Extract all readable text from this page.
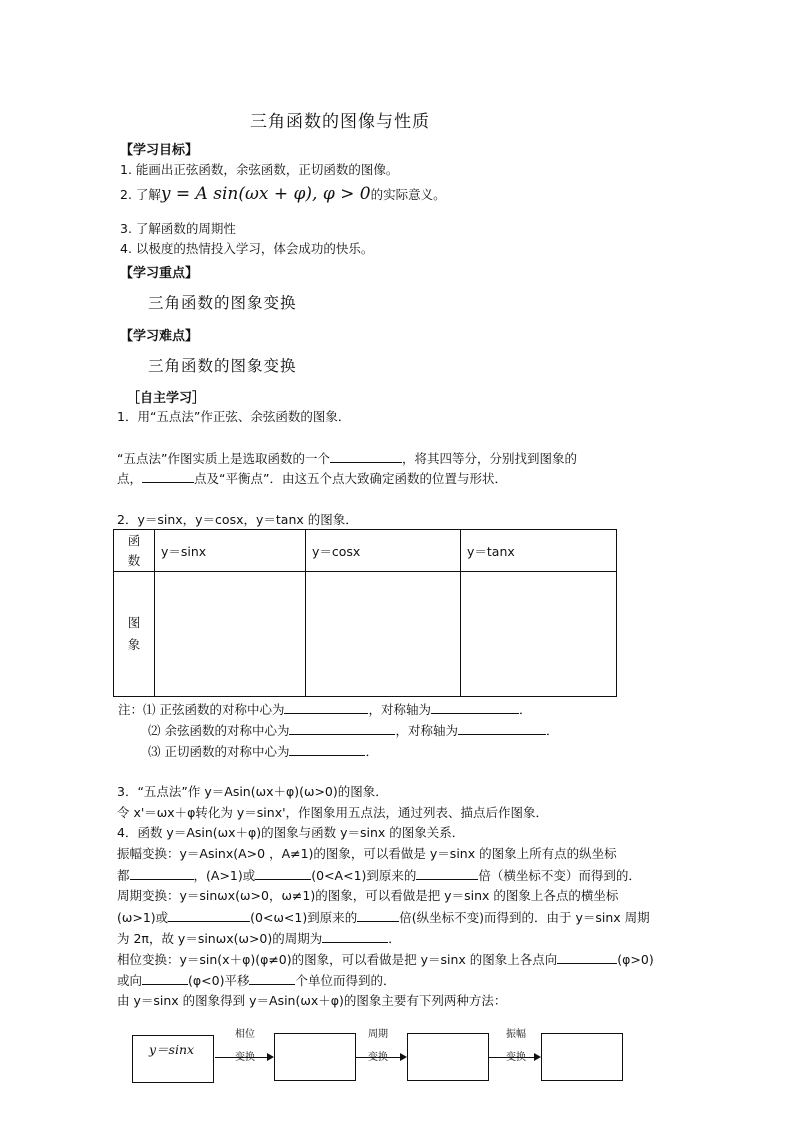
三角函数的图像与性质
【学习目标】
1. 能画出正弦函数，余弦函数，正切函数的图像。
2. 了解y = A sin(ωx + φ), φ > 0的实际意义。
3. 了解函数的周期性
4. 以极度的热情投入学习，体会成功的快乐。
【学习重点】
三角函数的图象变换
【学习难点】
三角函数的图象变换
［自主学习］
1．用“五点法”作正弦、余弦函数的图象．
“五点法”作图实质上是选取函数的一个	，将其四等分，分别找到图象的
点，	点及“平衡点”．由这五个点大致确定函数的位置与形状．
2．y＝sinx，y＝cosx，y＝tanx 的图象．
函
数	y＝sinx	y＝cosx	y＝tanx

图
象			

注：⑴ 正弦函数的对称中心为	，对称轴为	．
⑵ 余弦函数的对称中心为	，对称轴为	．
⑶ 正切函数的对称中心为	．
3．“五点法”作 y＝Asin(ωx＋φ)(ω>0)的图象．
令 x'＝ωx＋φ转化为 y＝sinx'，作图象用五点法，通过列表、描点后作图象．
4．函数 y＝Asin(ωx＋φ)的图象与函数 y＝sinx 的图象关系．
振幅变换：y＝Asinx(A>0 ，A≠1)的图象，可以看做是 y＝sinx 的图象上所有点的纵坐标
都	，(A>1)或	(0<A<1)到原来的	倍（横坐标不变）而得到的．
周期变换：y＝sinωx(ω>0，ω≠1)的图象，可以看做是把 y＝sinx 的图象上各点的横坐标
(ω>1)或	(0<ω<1)到原来的	倍(纵坐标不变)而得到的．由于 y＝sinx 周期
为 2π，故 y＝sinωx(ω>0)的周期为	．
相位变换：y＝sin(x＋φ)(φ≠0)的图象，可以看做是把 y＝sinx 的图象上各点向	(φ>0)
或向	(φ<0)平移	个单位而得到的．
由 y＝sinx 的图象得到 y＝Asin(ωx＋φ)的图象主要有下列两种方法：
y＝sinx
相位
变换
周期
变换
振幅
变换
